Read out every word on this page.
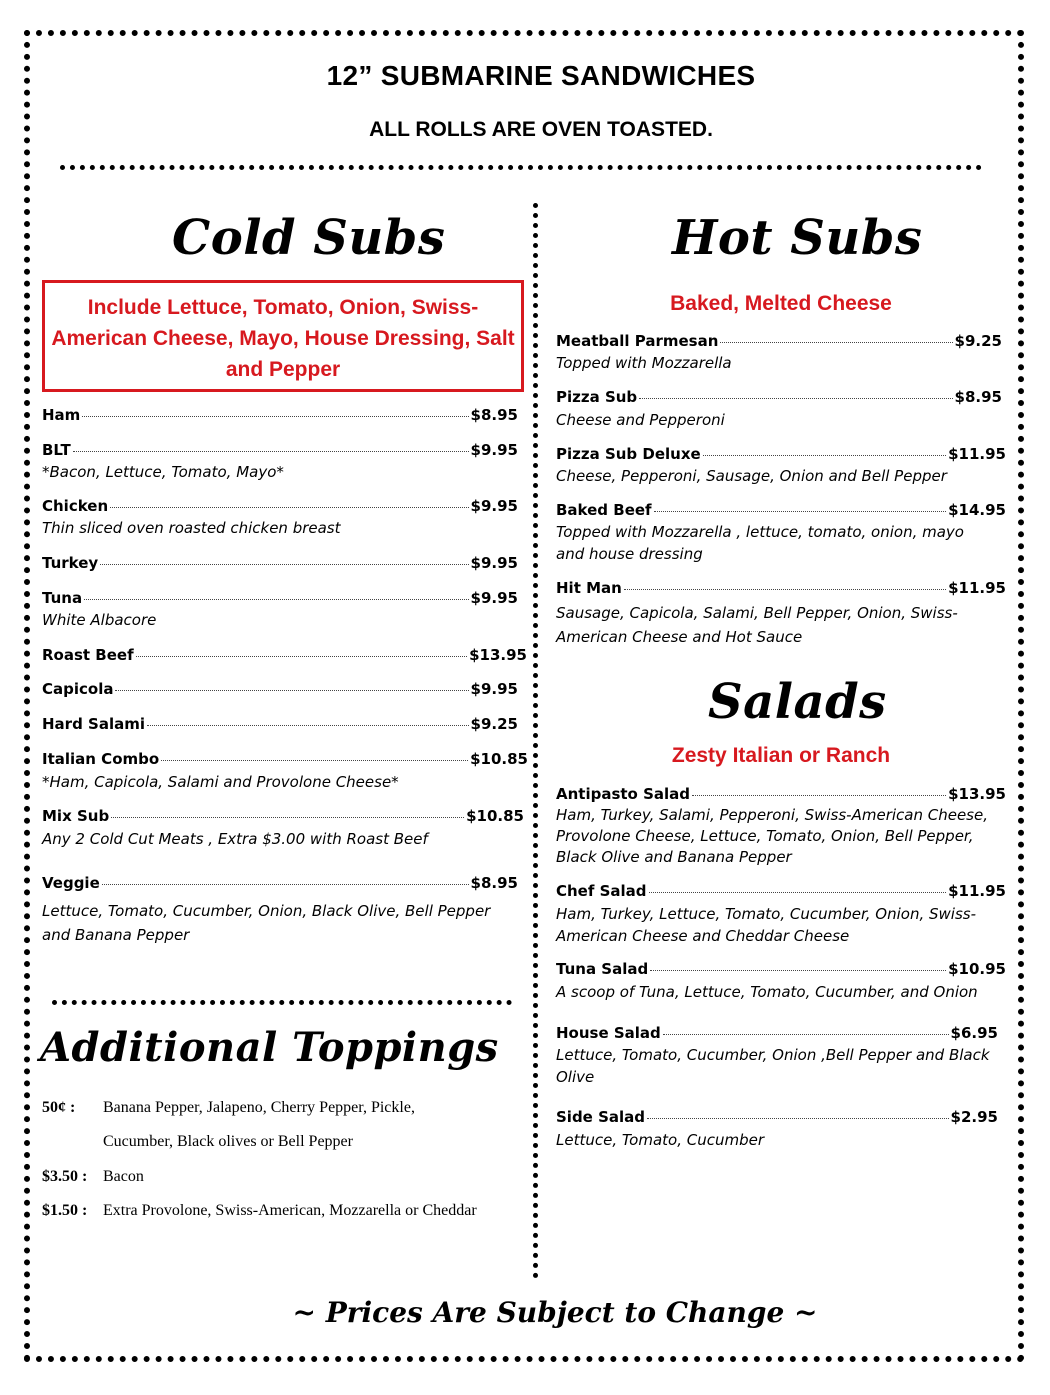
12” SUBMARINE SANDWICHES
ALL ROLLS ARE OVEN TOASTED.
Cold Subs
Include Lettuce, Tomato, Onion, Swiss-American Cheese, Mayo, House Dressing, Salt and Pepper
Ham	$8.95
BLT	$9.95
*Bacon, Lettuce, Tomato, Mayo*
Chicken	$9.95
Thin sliced oven roasted chicken breast
Turkey	$9.95
Tuna	$9.95
White Albacore
Roast Beef	$13.95
Capicola	$9.95
Hard Salami	$9.25
Italian Combo	$10.85
*Ham, Capicola, Salami and Provolone Cheese*
Mix Sub	$10.85
Any 2 Cold Cut Meats , Extra $3.00 with Roast Beef
Veggie	$8.95
Lettuce, Tomato, Cucumber, Onion, Black Olive, Bell Pepper and Banana Pepper
Additional Toppings
50¢ : Banana Pepper, Jalapeno, Cherry Pepper, Pickle,
Cucumber, Black olives or Bell Pepper
$3.50 : Bacon
$1.50 : Extra Provolone, Swiss-American, Mozzarella or Cheddar
Hot Subs
Baked, Melted Cheese
Meatball Parmesan	$9.25
Topped with Mozzarella
Pizza Sub	$8.95
Cheese and Pepperoni
Pizza Sub Deluxe	$11.95
Cheese, Pepperoni, Sausage, Onion and Bell Pepper
Baked Beef	$14.95
Topped with Mozzarella , lettuce, tomato, onion, mayo and house dressing
Hit Man	$11.95
Sausage, Capicola, Salami, Bell Pepper, Onion, Swiss-American Cheese and Hot Sauce
Salads
Zesty Italian or Ranch
Antipasto Salad	$13.95
Ham, Turkey, Salami, Pepperoni, Swiss-American Cheese, Provolone Cheese, Lettuce, Tomato, Onion, Bell Pepper, Black Olive and Banana Pepper
Chef Salad	$11.95
Ham, Turkey, Lettuce, Tomato, Cucumber, Onion, Swiss-American Cheese and Cheddar Cheese
Tuna Salad	$10.95
A scoop of Tuna, Lettuce, Tomato, Cucumber, and Onion
House Salad	$6.95
Lettuce, Tomato, Cucumber, Onion ,Bell Pepper and Black Olive
Side Salad	$2.95
Lettuce, Tomato, Cucumber
~ Prices Are Subject to Change ~
